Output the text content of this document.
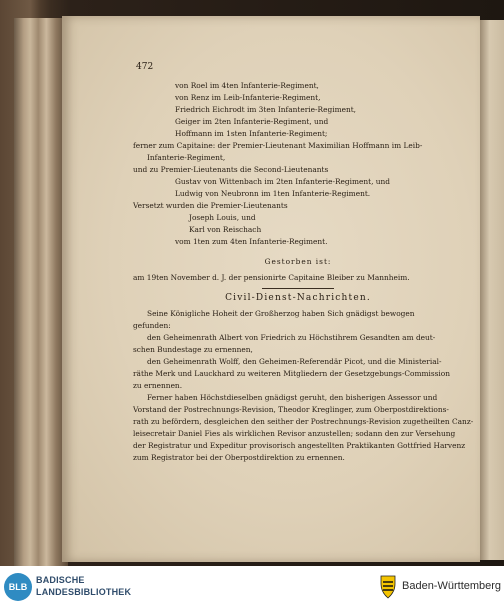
472
von Roel im 4ten Infanterie-Regiment,
von Renz im Leib-Infanterie-Regiment,
Friedrich Eichrodt im 3ten Infanterie-Regiment,
Geiger im 2ten Infanterie-Regiment, und
Hoffmann im 1sten Infanterie-Regiment;
ferner zum Capitaine: der Premier-Lieutenant Maximilian Hoffmann im Leib-
Infanterie-Regiment,
und zu Premier-Lieutenants die Second-Lieutenants
Gustav von Wittenbach im 2ten Infanterie-Regiment, und
Ludwig von Neubronn im 1ten Infanterie-Regiment.
Versetzt wurden die Premier-Lieutenants
Joseph Louis, und
Karl von Reischach
vom 1ten zum 4ten Infanterie-Regiment.
Gestorben ist:
am 19ten November d. J. der pensionirte Capitaine Bleiber zu Mannheim.
Civil-Dienst-Nachrichten.
Seine Königliche Hoheit der Großherzog haben Sich gnädigst bewogen
gefunden:
den Geheimenrath Albert von Friedrich zu Höchstihrem Gesandten am deut-
schen Bundestage zu ernennen,
den Geheimenrath Wolff, den Geheimen-Referendär Picot, und die Ministerial-
räthe Merk und Lauckhard zu weiteren Mitgliedern der Gesetzgebungs-Commission
zu ernennen.
Ferner haben Höchstdieselben gnädigst geruht, den bisherigen Assessor und
Vorstand der Postrechnungs-Revision, Theodor Kreglinger, zum Oberpostdirektions-
rath zu befördern, desgleichen den seither der Postrechnungs-Revision zugetheilten Canz-
leisecretair Daniel Fies als wirklichen Revisor anzustellen; sodann den zur Versehung
der Registratur und Expeditur provisorisch angestellten Praktikanten Gottfried Harvenz
zum Registrator bei der Oberpostdirektion zu ernennen.
BLB
BADISCHE
LANDESBIBLIOTHEK	Baden-Württemberg
